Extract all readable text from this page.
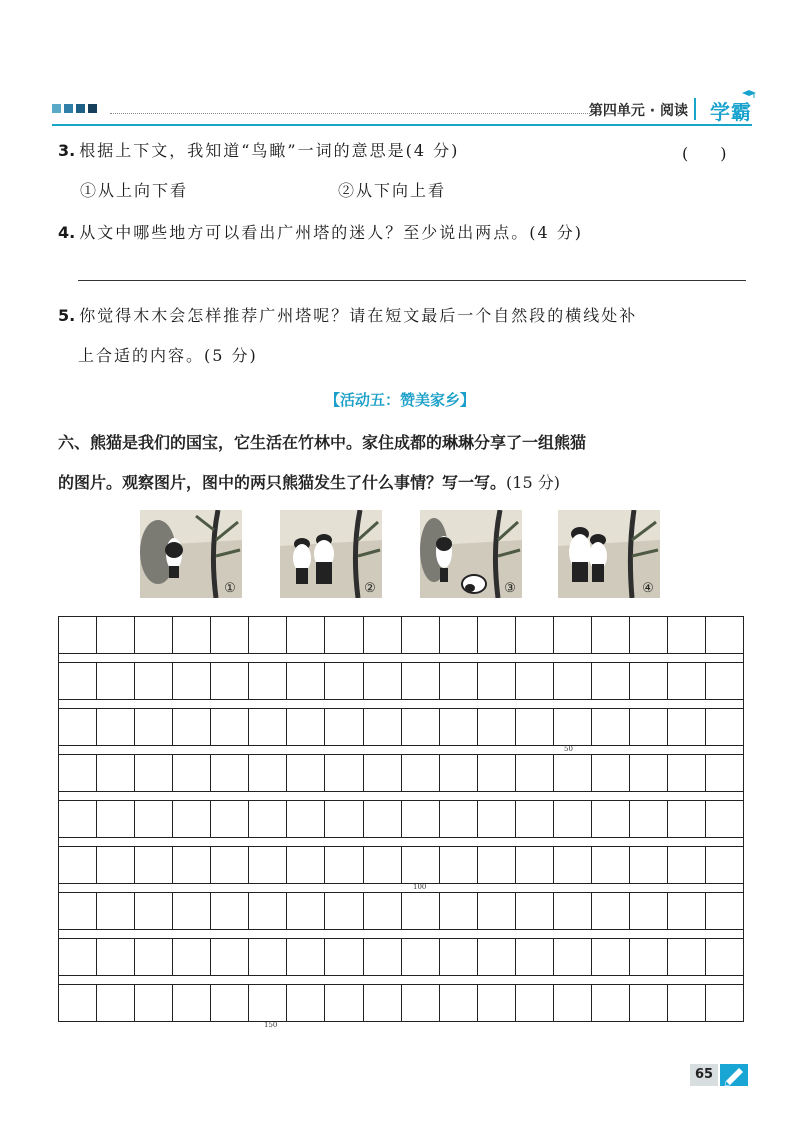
第四单元 · 阅读 学霸
3. 根据上下文，我知道“鸟瞰”一词的意思是(4 分)	(　　)
①从上向下看	②从下向上看
4. 从文中哪些地方可以看出广州塔的迷人？至少说出两点。(4 分)
5. 你觉得木木会怎样推荐广州塔呢？请在短文最后一个自然段的横线处补
上合适的内容。(5 分)
【活动五：赞美家乡】
六、熊猫是我们的国宝，它生活在竹林中。家住成都的琳琳分享了一组熊猫
的图片。观察图片，图中的两只熊猫发生了什么事情？写一写。(15 分)
①	②	③	④
50
100
150
65
